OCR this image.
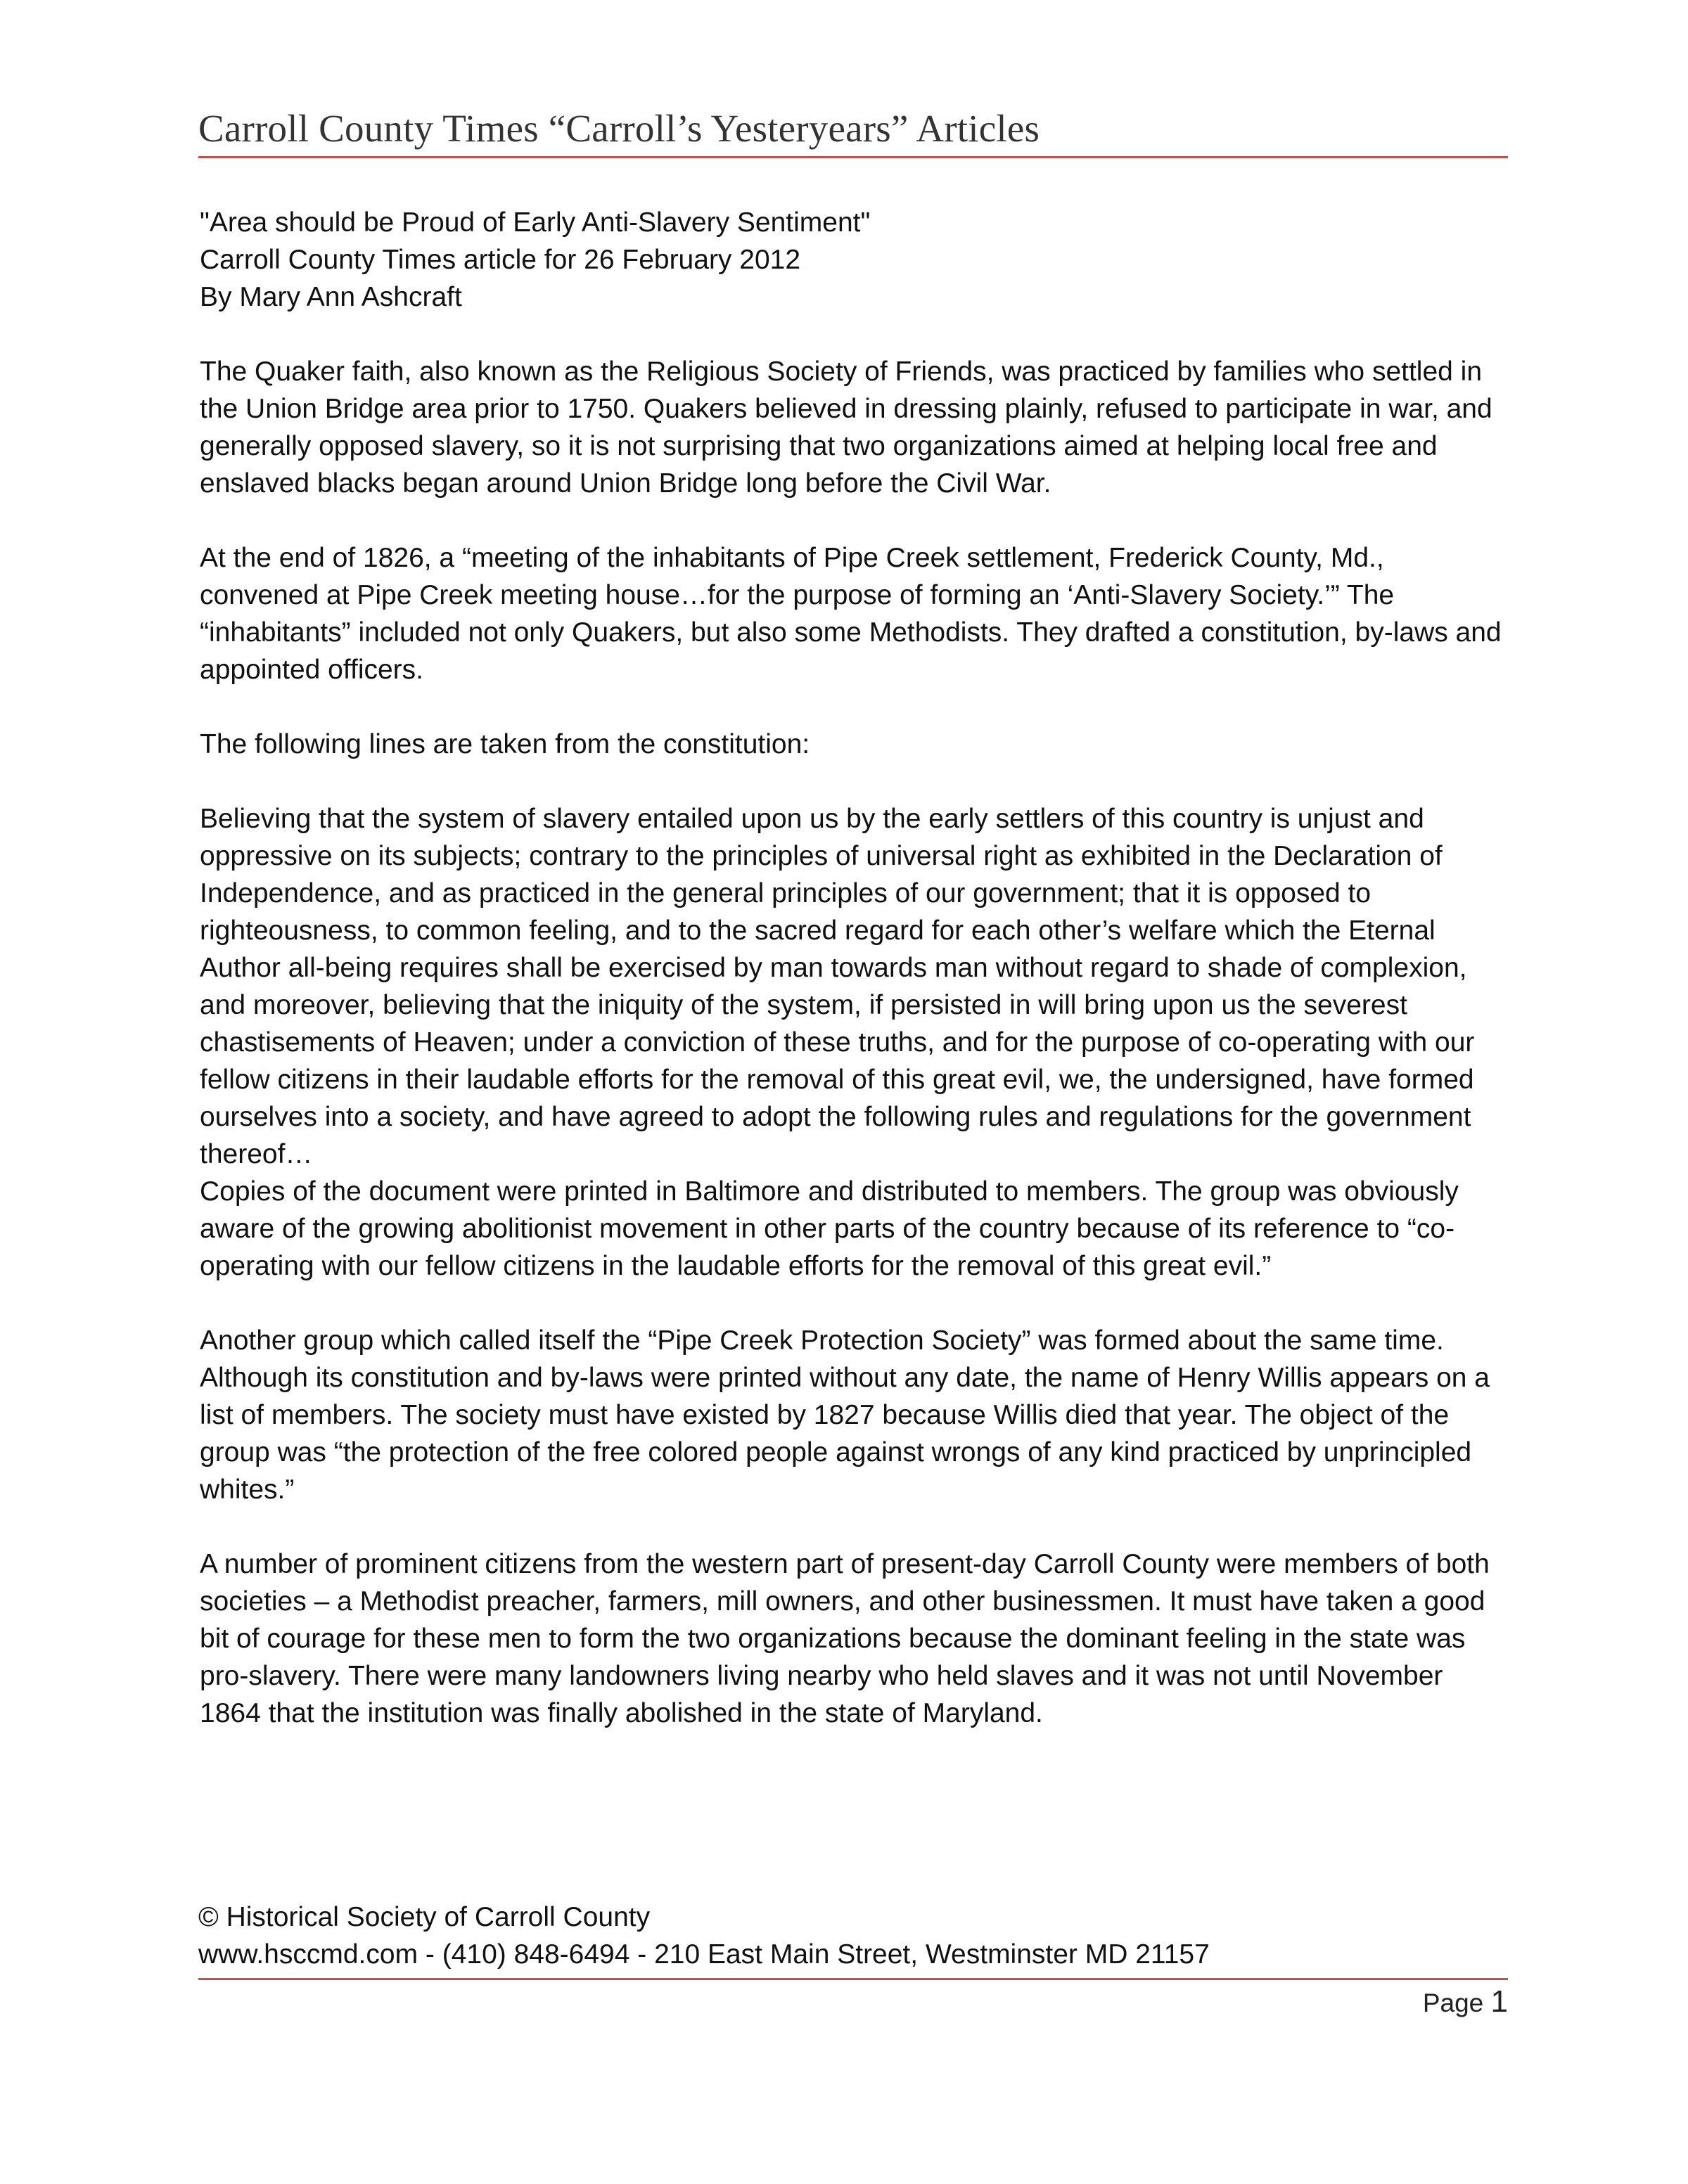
Carroll County Times “Carroll’s Yesteryears” Articles

"Area should be Proud of Early Anti-Slavery Sentiment"

Carroll County Times article for 26 February 2012

By Mary Ann Ashcraft

The Quaker faith, also known as the Religious Society of Friends, was practiced by families who settled in the Union Bridge area prior to 1750. Quakers believed in dressing plainly, refused to participate in war, and generally opposed slavery, so it is not surprising that two organizations aimed at helping local free and enslaved blacks began around Union Bridge long before the Civil War.

At the end of 1826, a “meeting of the inhabitants of Pipe Creek settlement, Frederick County, Md., convened at Pipe Creek meeting house…for the purpose of forming an ‘Anti-Slavery Society.’” The “inhabitants” included not only Quakers, but also some Methodists. They drafted a constitution, by-laws and appointed officers.

The following lines are taken from the constitution:

Believing that the system of slavery entailed upon us by the early settlers of this country is unjust and oppressive on its subjects; contrary to the principles of universal right as exhibited in the Declaration of Independence, and as practiced in the general principles of our government; that it is opposed to righteousness, to common feeling, and to the sacred regard for each other’s welfare which the Eternal Author all-being requires shall be exercised by man towards man without regard to shade of complexion, and moreover, believing that the iniquity of the system, if persisted in will bring upon us the severest chastisements of Heaven; under a conviction of these truths, and for the purpose of co-operating with our fellow citizens in their laudable efforts for the removal of this great evil, we, the undersigned, have formed ourselves into a society, and have agreed to adopt the following rules and regulations for the government thereof…

Copies of the document were printed in Baltimore and distributed to members. The group was obviously aware of the growing abolitionist movement in other parts of the country because of its reference to “co-operating with our fellow citizens in the laudable efforts for the removal of this great evil.”

Another group which called itself the “Pipe Creek Protection Society” was formed about the same time. Although its constitution and by-laws were printed without any date, the name of Henry Willis appears on a list of members. The society must have existed by 1827 because Willis died that year. The object of the group was “the protection of the free colored people against wrongs of any kind practiced by unprincipled whites.”

A number of prominent citizens from the western part of present-day Carroll County were members of both societies – a Methodist preacher, farmers, mill owners, and other businessmen. It must have taken a good bit of courage for these men to form the two organizations because the dominant feeling in the state was pro-slavery. There were many landowners living nearby who held slaves and it was not until November 1864 that the institution was finally abolished in the state of Maryland.

© Historical Society of Carroll County
www.hsccmd.com - (410) 848-6494 - 210 East Main Street, Westminster MD 21157
Page 1
